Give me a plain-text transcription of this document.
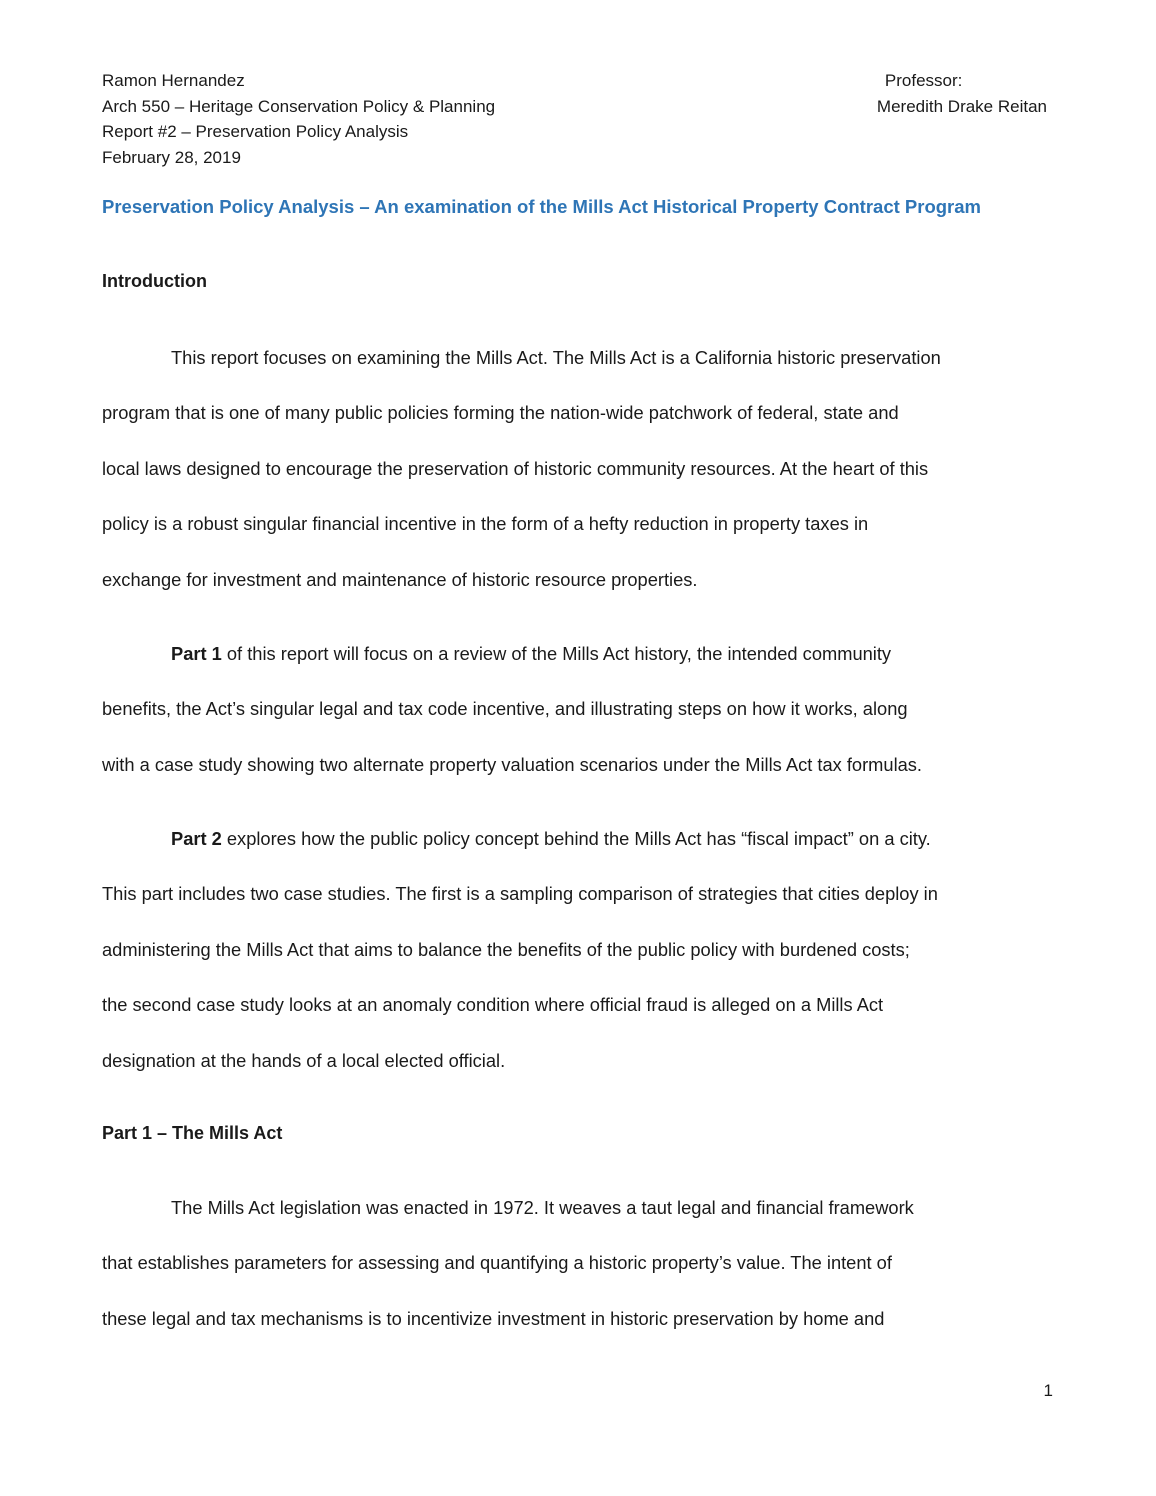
Ramon Hernandez
Arch 550 – Heritage Conservation Policy & Planning
Report #2 – Preservation Policy Analysis
February 28, 2019
Professor:
Meredith Drake Reitan
Preservation Policy Analysis – An examination of the Mills Act Historical Property Contract Program
Introduction
This report focuses on examining the Mills Act. The Mills Act is a California historic preservation
program that is one of many public policies forming the nation-wide patchwork of federal, state and
local laws designed to encourage the preservation of historic community resources. At the heart of this
policy is a robust singular financial incentive in the form of a hefty reduction in property taxes in
exchange for investment and maintenance of historic resource properties.
Part 1 of this report will focus on a review of the Mills Act history, the intended community
benefits, the Act’s singular legal and tax code incentive, and illustrating steps on how it works, along
with a case study showing two alternate property valuation scenarios under the Mills Act tax formulas.
Part 2 explores how the public policy concept behind the Mills Act has “fiscal impact” on a city.
This part includes two case studies. The first is a sampling comparison of strategies that cities deploy in
administering the Mills Act that aims to balance the benefits of the public policy with burdened costs;
the second case study looks at an anomaly condition where official fraud is alleged on a Mills Act
designation at the hands of a local elected official.
Part 1 – The Mills Act
The Mills Act legislation was enacted in 1972. It weaves a taut legal and financial framework
that establishes parameters for assessing and quantifying a historic property’s value. The intent of
these legal and tax mechanisms is to incentivize investment in historic preservation by home and
1
